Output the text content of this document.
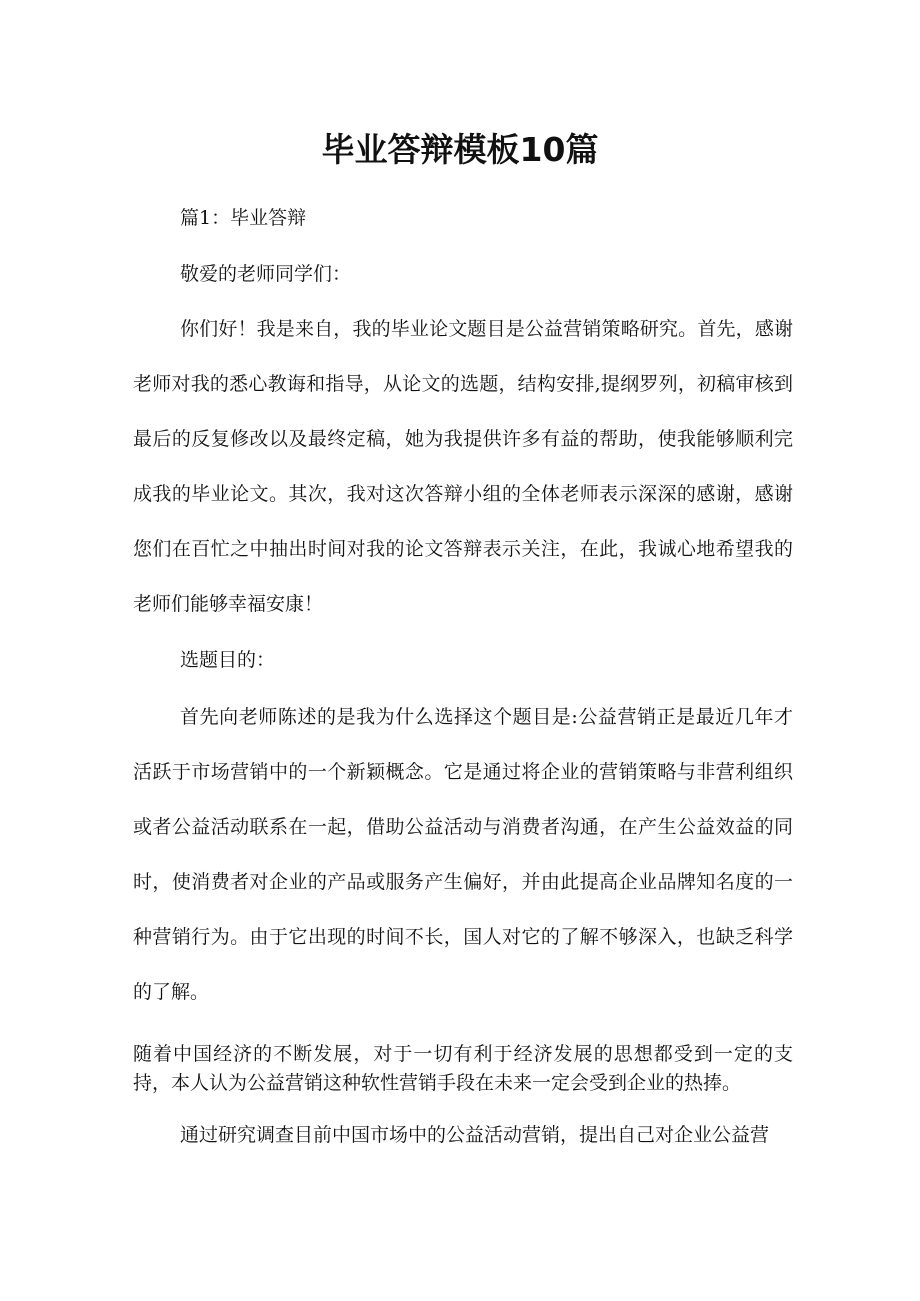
毕业答辩模板10篇

篇1：毕业答辩

敬爱的老师同学们：

你们好！我是来自，我的毕业论文题目是公益营销策略研究。首先，感谢老师对我的悉心教诲和指导，从论文的选题，结构安排,提纲罗列，初稿审核到最后的反复修改以及最终定稿，她为我提供许多有益的帮助，使我能够顺利完成我的毕业论文。其次，我对这次答辩小组的全体老师表示深深的感谢，感谢您们在百忙之中抽出时间对我的论文答辩表示关注，在此，我诚心地希望我的老师们能够幸福安康！

选题目的：

首先向老师陈述的是我为什么选择这个题目是:公益营销正是最近几年才活跃于市场营销中的一个新颖概念。它是通过将企业的营销策略与非营利组织或者公益活动联系在一起，借助公益活动与消费者沟通，在产生公益效益的同时，使消费者对企业的产品或服务产生偏好，并由此提高企业品牌知名度的一种营销行为。由于它出现的时间不长，国人对它的了解不够深入，也缺乏科学的了解。

随着中国经济的不断发展，对于一切有利于经济发展的思想都受到一定的支持，本人认为公益营销这种软性营销手段在未来一定会受到企业的热捧。

通过研究调查目前中国市场中的公益活动营销，提出自己对企业公益营
